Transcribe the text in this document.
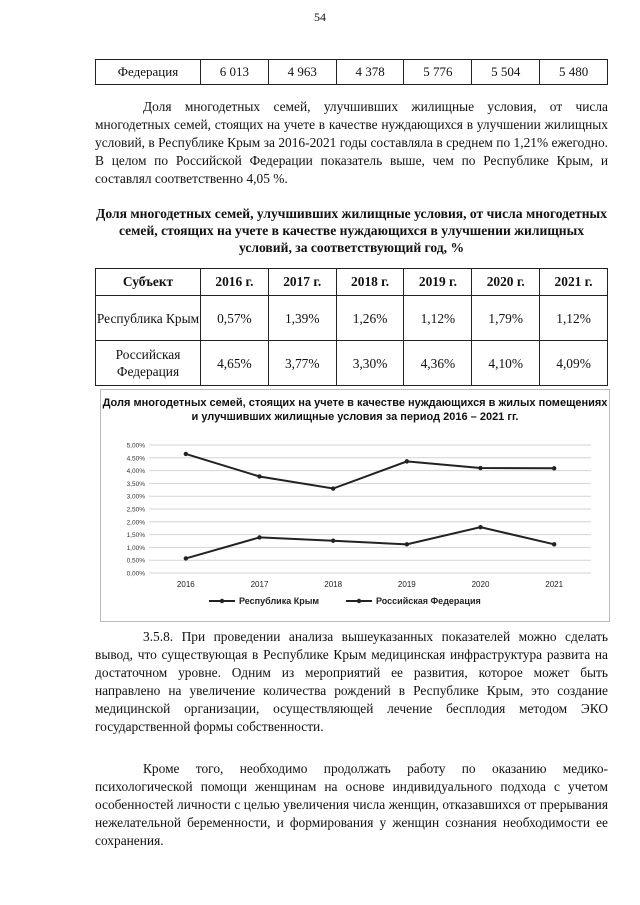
54
Федерация	6 013	4 963	4 378	5 776	5 504	5 480

Доля многодетных семей, улучшивших жилищные условия, от числа многодетных семей, стоящих на учете в качестве нуждающихся в улучшении жилищных условий, в Республике Крым за 2016-2021 годы составляла в среднем по 1,21% ежегодно. В целом по Российской Федерации показатель выше, чем по Республике Крым, и составлял соответственно 4,05 %.

Доля многодетных семей, улучшивших жилищные условия, от числа многодетных семей, стоящих на учете в качестве нуждающихся в улучшении жилищных условий, за соответствующий год, %

Субъект	2016 г.	2017 г.	2018 г.	2019 г.	2020 г.	2021 г.
Республика Крым	0,57%	1,39%	1,26%	1,12%	1,79%	1,12%
Российская Федерация	4,65%	3,77%	3,30%	4,36%	4,10%	4,09%
Доля многодетных семей, стоящих на учете в качестве нуждающихся в жилых помещениях и улучшивших жилищные условия за период 2016 – 2021 гг.
0,00%
0,50%
1,00%
1,50%
2,00%
2,50%
3,00%
3,50%
4,00%
4,50%
5,00%
2016	2017	2018	2019	2020	2021
Республика Крым	Российская Федерация

3.5.8. При проведении анализа вышеуказанных показателей можно сделать вывод, что существующая в Республике Крым медицинская инфраструктура развита на достаточном уровне. Одним из мероприятий ее развития, которое может быть направлено на увеличение количества рождений в Республике Крым, это создание медицинской организации, осуществляющей лечение бесплодия методом ЭКО государственной формы собственности.

Кроме того, необходимо продолжать работу по оказанию медико-психологической помощи женщинам на основе индивидуального подхода с учетом особенностей личности с целью увеличения числа женщин, отказавшихся от прерывания нежелательной беременности, и формирования у женщин сознания необходимости ее сохранения.
